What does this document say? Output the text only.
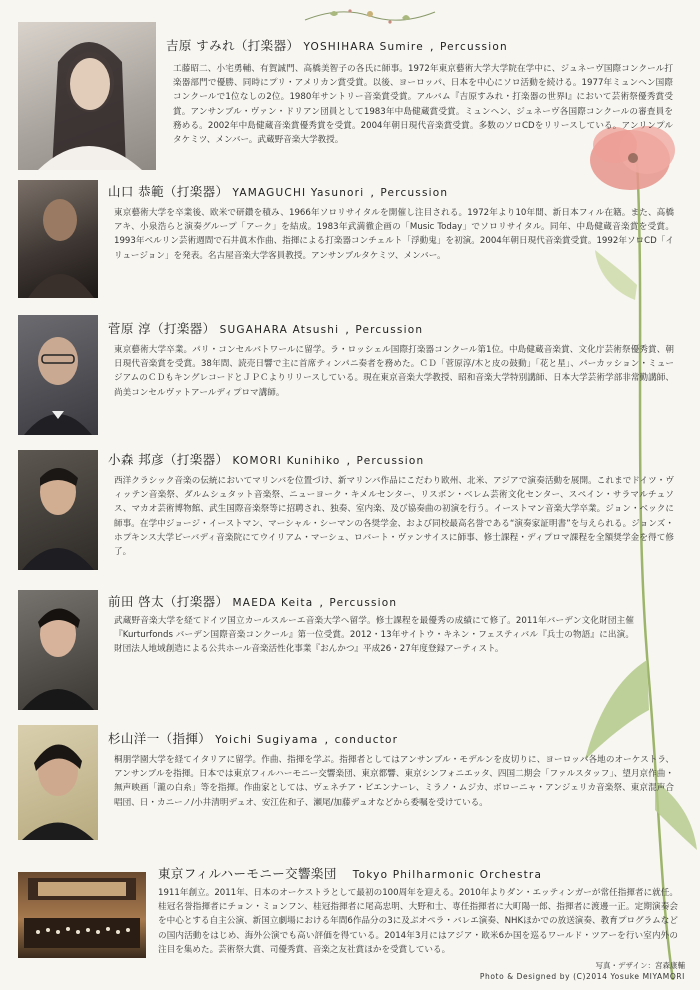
吉原 すみれ（打楽器） YOSHIHARA Sumire , Percussion

工藤昭二、小宅勇輔、有賀誠門、高橋美智子の各氏に師事。1972年東京藝術大学大学院在学中に、ジュネーヴ国際コンクール打楽器部門で優勝、同時にプリ・アメリカン賞受賞。以後、ヨーロッパ、日本を中心にソロ活動を続ける。1977年ミュンヘン国際コンクールで1位なしの2位。1980年サントリー音楽賞受賞。アルバム『吉原すみれ・打楽器の世界Ⅰ』において芸術祭優秀賞受賞。アンサンブル・ヴァン・ドリアン団員として1983年中島健蔵賞受賞。ミュンヘン、ジュネーヴ各国際コンクールの審査員を務める。2002年中島健蔵音楽賞優秀賞を受賞。2004年朝日現代音楽賞受賞。多数のソロCDをリリースしている。アンリンプルタケミツ、メンバー。武蔵野音楽大学教授。

山口 恭範（打楽器） YAMAGUCHI Yasunori , Percussion

東京藝術大学を卒業後、欧米で研鑽を積み、1966年ソロリサイタルを開催し注目される。1972年より10年間、新日本フィル在籍。また、高橋アキ、小泉浩らと演奏グループ「アーク」を結成。1983年武満徹企画の「Music Today」でソロリサイタル。同年、中島健蔵音楽賞を受賞。1993年ベルリン芸術週間で石井眞木作曲、指揮による打楽器コンチェルト「浮動鬼」を初演。2004年朝日現代音楽賞受賞。1992年ソロCD「イリュージョン」を発表。名古屋音楽大学客員教授。アンサンブルタケミツ、メンバー。

菅原 淳（打楽器） SUGAHARA Atsushi , Percussion

東京藝術大学卒業。パリ・コンセルバトワールに留学。ラ・ロッシェル国際打楽器コンクール第1位。中島健蔵音楽賞、文化庁芸術祭優秀賞、朝日現代音楽賞を受賞。38年間、読売日響で主に首席ティンパニ奏者を務めた。ＣＤ「菅原淳/木と皮の鼓動」「花と星」、パーカッション・ミュージアムのＣＤもキングレコードとＪＰＣよりリリースしている。現在東京音楽大学教授、昭和音楽大学特別講師、日本大学芸術学部非常勤講師、尚美コンセルヴァトアールディプロマ講師。

小森 邦彦（打楽器） KOMORI Kunihiko , Percussion

西洋クラシック音楽の伝統においてマリンバを位置づけ、新マリンバ作品にこだわり欧州、北米、アジアで演奏活動を展開。これまでドイツ・ヴィッテン音楽祭、ダルムシュタット音楽祭、ニューヨーク・キメルセンター、リスボン・ベレム芸術文化センター、スペイン・サラマルチュソス、マカオ芸術博物館、武生国際音楽祭等に招聘され、独奏、室内楽、及び協奏曲の初演を行う。イーストマン音楽大学卒業。ジョン・ベックに師事。在学中ジョージ・イーストマン、マーシャル・シーマンの各奨学金、および同校最高名誉である“演奏家証明書”を与えられる。ジョンズ・ホプキンス大学ピーバディ音楽院にてウイリアム・マーシュ、ロバート・ヴァンサイスに師事、修士課程・ディプロマ課程を全額奨学金を得て修了。

前田 啓太（打楽器） MAEDA Keita , Percussion

武蔵野音楽大学を経てドイツ国立カールスルーエ音楽大学へ留学。修士課程を最優秀の成績にて修了。2011年バーデン文化財団主催『Kurturfonds バーデン国際音楽コンクール』第一位受賞。2012・13年サイトウ・キネン・フェスティバル『兵士の物語』に出演。財団法人地域創造による公共ホール音楽活性化事業『おんかつ』平成26・27年度登録アーティスト。

杉山洋一（指揮） Yoichi Sugiyama , conductor

桐朋学園大学を経てイタリアに留学。作曲、指揮を学ぶ。指揮者としてはアンサンブル・モデルンを皮切りに、ヨーロッパ各地のオーケストラ、アンサンブルを指揮。日本では東京フィルハーモニー交響楽団、東京都響、東京シンフォニエッタ、四国二期会「ファルスタッフ」、望月京作曲・無声映画「瀧の白糸」等を指揮。作曲家としては、ヴェネチア・ビエンナーレ、ミラノ・ムジカ、ボローニャ・アンジェリカ音楽祭、東京混声合唱団、日・カニーノ/小井清明デュオ、安江佐和子、瀬尾/加藤デュオなどから委嘱を受けている。

東京フィルハーモニー交響楽団 Tokyo Philharmonic Orchestra

1911年創立。2011年、日本のオーケストラとして最初の100周年を迎える。2010年よりダン・エッティンガーが常任指揮者に就任。桂冠名誉指揮者にチョン・ミョンフン、桂冠指揮者に尾高忠明、大野和士、専任指揮者に大町陽一郎、指揮者に渡邊一正。定期演奏会を中心とする自主公演、新国立劇場における年間6作品分の3に及ぶオペラ・バレエ演奏、NHKほかでの放送演奏、教育プログラムなどの国内活動をはじめ、海外公演でも高い評価を得ている。2014年3月にはアジア・欧米6か国を巡るワールド・ツアーを行い室内外の注目を集めた。芸術祭大賞、司優秀賞、音楽之友社賞ほかを受賞している。

写真・デザイン：宮森康輔
Photo & Designed by (C)2014 Yosuke MIYAMORI
